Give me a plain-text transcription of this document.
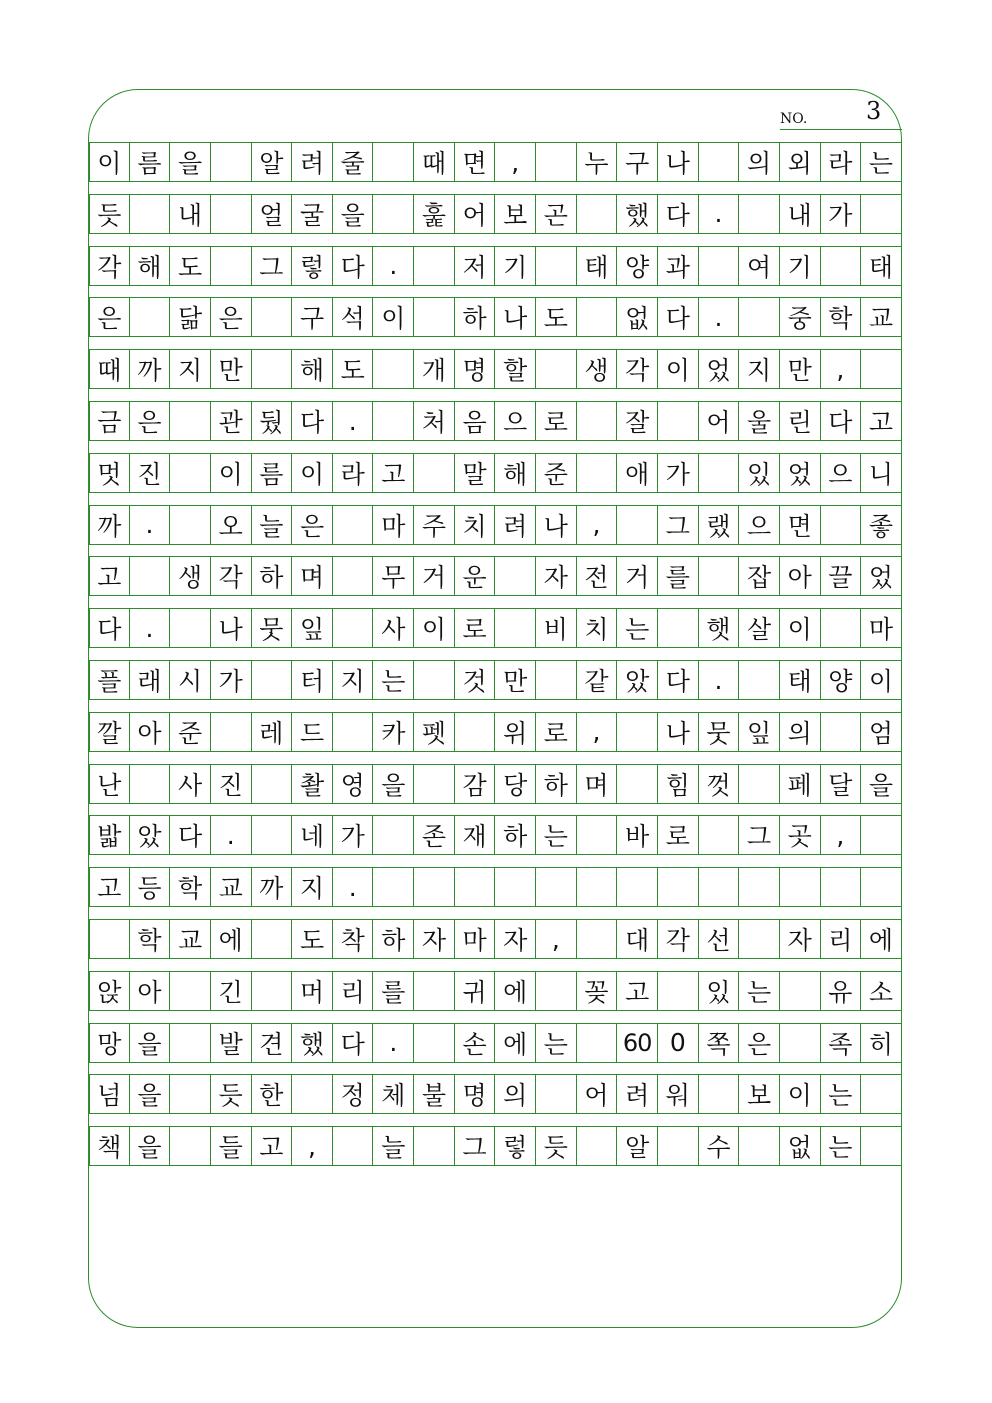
NO. 3
이 름 을	알 려 줄	때 면 ,	누 구 나	의 외 라 는
듯	내	얼 굴 을	훑 어 보 곤	했 다 .	내 가
각 해 도	그 렇 다 .	저 기	태 양 과	여 기	태
은	닮 은	구 석 이	하 나 도	없 다 .	중 학 교
때 까 지 만	해 도	개 명 할	생 각 이 었 지 만 ,
금 은	관 뒀 다 .	처 음 으 로	잘	어 울 린 다 고
멋 진	이 름 이 라 고	말 해 준	애 가	있 었 으 니
까 .	오 늘 은	마 주 치 려 나 ,	그 랬 으 면	좋
고	생 각 하 며	무 거 운	자 전 거 를	잡 아 끌 었
다 .	나 뭇 잎	사 이 로	비 치 는	햇 살 이	마
플 래 시 가	터 지 는	것 만	같 았 다 .	태 양 이
깔 아 준	레 드	카 펫	위 로 ,	나 뭇 잎 의	엄
난	사 진	촬 영 을	감 당 하 며	힘 껏	페 달 을
밟 았 다 .	네 가	존 재 하 는	바 로	그 곳 ,
고 등 학 교 까 지 .
학 교 에	도 착 하 자 마 자 ,	대 각 선	자 리 에
앉 아	긴	머 리 를	귀 에	꽂 고	있 는	유 소
망 을	발 견 했 다 .	손 에 는	60 0 쪽 은	족 히
넘 을	듯 한	정 체 불 명 의	어 려 워	보 이 는
책 을	들 고 ,	늘	그 렇 듯	알	수	없 는
